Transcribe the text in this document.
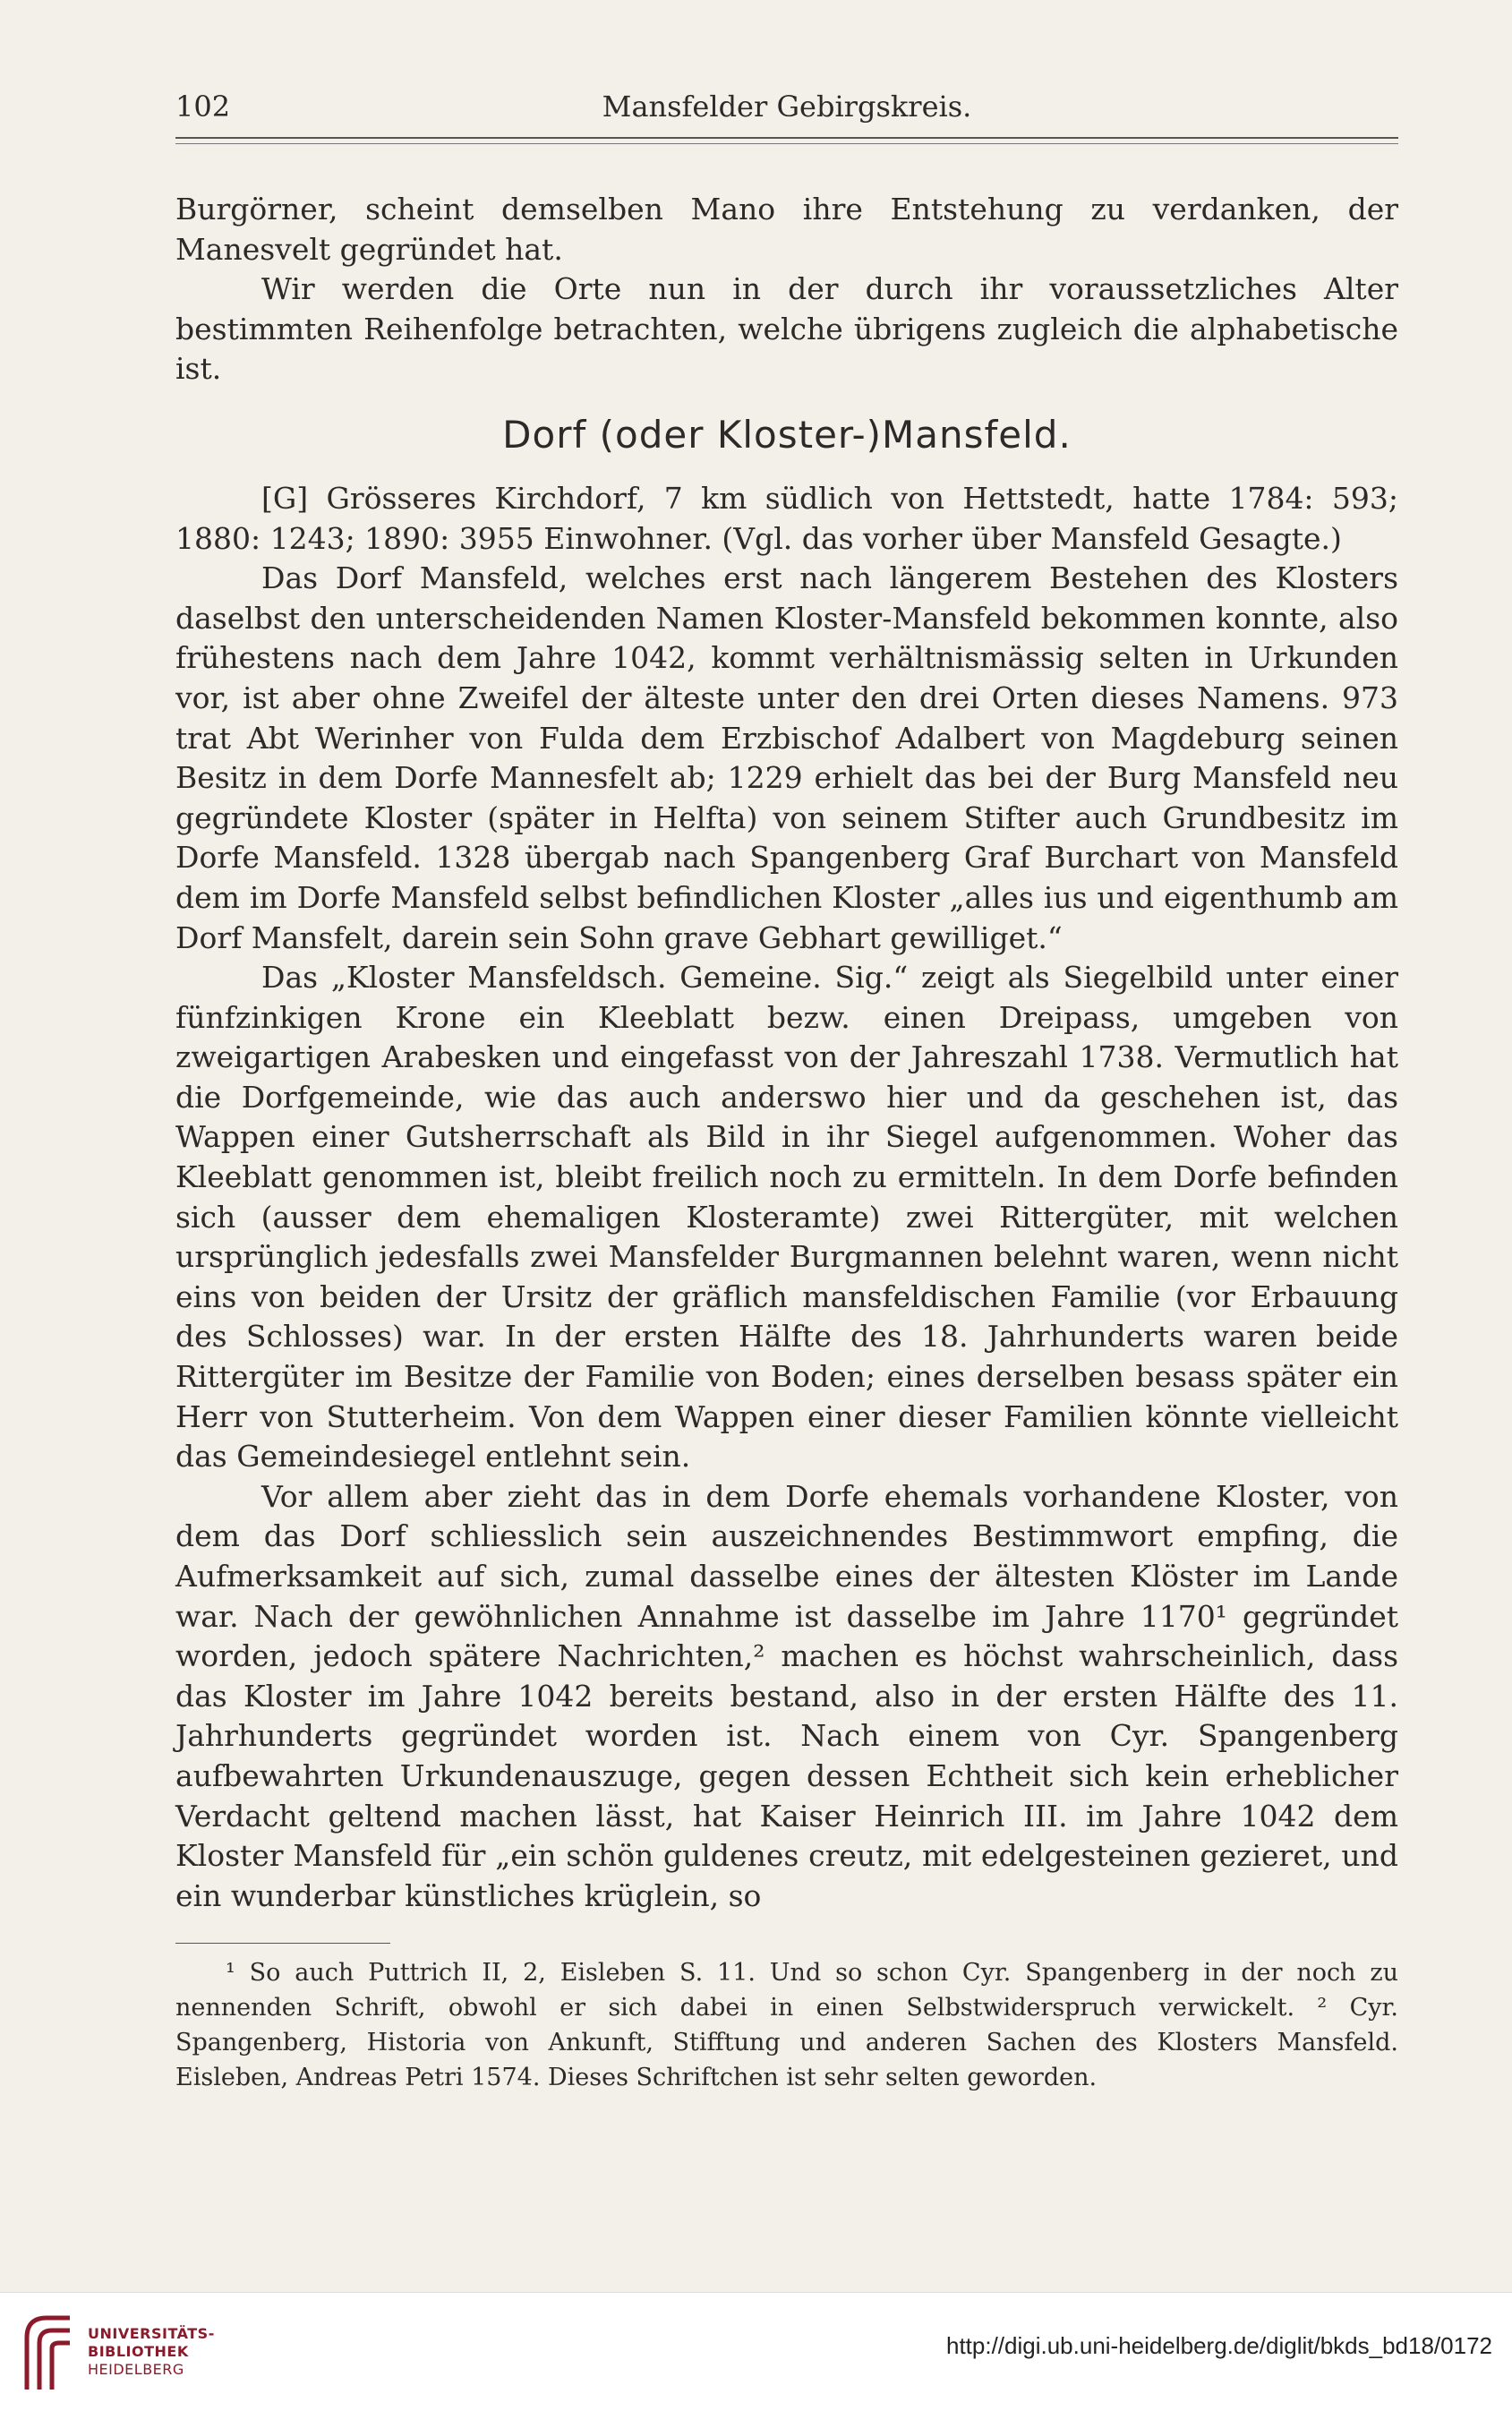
102	Mansfelder Gebirgskreis.

Burgörner, scheint demselben Mano ihre Entstehung zu verdanken, der Manesvelt gegründet hat.

Wir werden die Orte nun in der durch ihr voraussetzliches Alter bestimmten Reihenfolge betrachten, welche übrigens zugleich die alphabetische ist.

Dorf (oder Kloster-)Mansfeld.

[G] Grösseres Kirchdorf, 7 km südlich von Hettstedt, hatte 1784: 593; 1880: 1243; 1890: 3955 Einwohner. (Vgl. das vorher über Mansfeld Gesagte.)

Das Dorf Mansfeld, welches erst nach längerem Bestehen des Klosters daselbst den unterscheidenden Namen Kloster-Mansfeld bekommen konnte, also frühestens nach dem Jahre 1042, kommt verhältnismässig selten in Urkunden vor, ist aber ohne Zweifel der älteste unter den drei Orten dieses Namens. 973 trat Abt Werinher von Fulda dem Erzbischof Adalbert von Magdeburg seinen Besitz in dem Dorfe Mannesfelt ab; 1229 erhielt das bei der Burg Mansfeld neu gegründete Kloster (später in Helfta) von seinem Stifter auch Grundbesitz im Dorfe Mansfeld. 1328 übergab nach Spangenberg Graf Burchart von Mansfeld dem im Dorfe Mansfeld selbst befindlichen Kloster „alles ius und eigenthumb am Dorf Mansfelt, darein sein Sohn grave Gebhart gewilliget.“

Das „Kloster Mansfeldsch. Gemeine. Sig.“ zeigt als Siegelbild unter einer fünfzinkigen Krone ein Kleeblatt bezw. einen Dreipass, umgeben von zweigartigen Arabesken und eingefasst von der Jahreszahl 1738. Vermutlich hat die Dorfgemeinde, wie das auch anderswo hier und da geschehen ist, das Wappen einer Gutsherrschaft als Bild in ihr Siegel aufgenommen. Woher das Kleeblatt genommen ist, bleibt freilich noch zu ermitteln. In dem Dorfe befinden sich (ausser dem ehemaligen Klosteramte) zwei Rittergüter, mit welchen ursprünglich jedesfalls zwei Mansfelder Burgmannen belehnt waren, wenn nicht eins von beiden der Ursitz der gräflich mansfeldischen Familie (vor Erbauung des Schlosses) war. In der ersten Hälfte des 18. Jahrhunderts waren beide Rittergüter im Besitze der Familie von Boden; eines derselben besass später ein Herr von Stutterheim. Von dem Wappen einer dieser Familien könnte vielleicht das Gemeindesiegel entlehnt sein.

Vor allem aber zieht das in dem Dorfe ehemals vorhandene Kloster, von dem das Dorf schliesslich sein auszeichnendes Bestimmwort empfing, die Aufmerksamkeit auf sich, zumal dasselbe eines der ältesten Klöster im Lande war. Nach der gewöhnlichen Annahme ist dasselbe im Jahre 1170¹ gegründet worden, jedoch spätere Nachrichten,² machen es höchst wahrscheinlich, dass das Kloster im Jahre 1042 bereits bestand, also in der ersten Hälfte des 11. Jahrhunderts gegründet worden ist. Nach einem von Cyr. Spangenberg aufbewahrten Urkundenauszuge, gegen dessen Echtheit sich kein erheblicher Verdacht geltend machen lässt, hat Kaiser Heinrich III. im Jahre 1042 dem Kloster Mansfeld für „ein schön guldenes creutz, mit edelgesteinen gezieret, und ein wunderbar künstliches krüglein, so

¹ So auch Puttrich II, 2, Eisleben S. 11. Und so schon Cyr. Spangenberg in der noch zu nennenden Schrift, obwohl er sich dabei in einen Selbstwiderspruch verwickelt. ² Cyr. Spangenberg, Historia von Ankunft, Stifftung und anderen Sachen des Klosters Mansfeld. Eisleben, Andreas Petri 1574. Dieses Schriftchen ist sehr selten geworden.

UNIVERSITÄTS-
BIBLIOTHEK
HEIDELBERG
http://digi.ub.uni-heidelberg.de/diglit/bkds_bd18/0172
